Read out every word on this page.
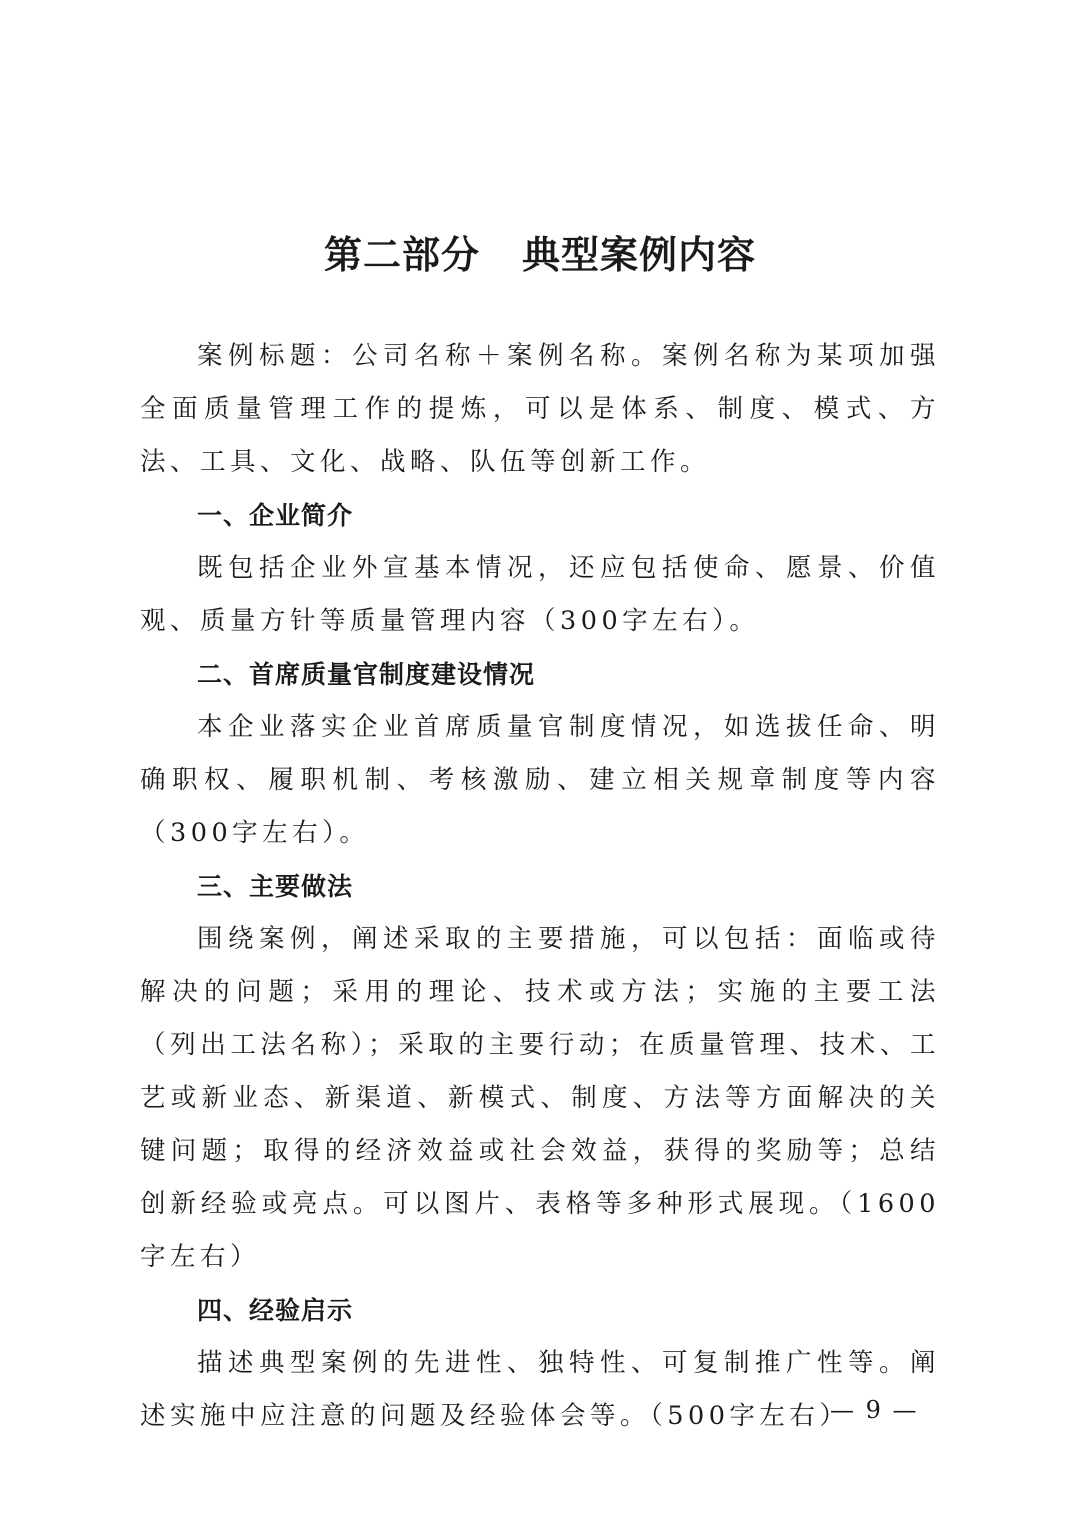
第二部分 典型案例内容

案例标题：公司名称＋案例名称。案例名称为某项加强全面质量管理工作的提炼，可以是体系、制度、模式、方法、工具、文化、战略、队伍等创新工作。

一、企业简介

既包括企业外宣基本情况，还应包括使命、愿景、价值观、质量方针等质量管理内容（300字左右）。

二、首席质量官制度建设情况

本企业落实企业首席质量官制度情况，如选拔任命、明确职权、履职机制、考核激励、建立相关规章制度等内容（300字左右）。

三、主要做法

围绕案例，阐述采取的主要措施，可以包括：面临或待解决的问题；采用的理论、技术或方法；实施的主要工法（列出工法名称）；采取的主要行动；在质量管理、技术、工艺或新业态、新渠道、新模式、制度、方法等方面解决的关键问题；取得的经济效益或社会效益，获得的奖励等；总结创新经验或亮点。可以图片、表格等多种形式展现。（1600字左右）

四、经验启示

描述典型案例的先进性、独特性、可复制推广性等。阐述实施中应注意的问题及经验体会等。（500字左右）

— 9 —
